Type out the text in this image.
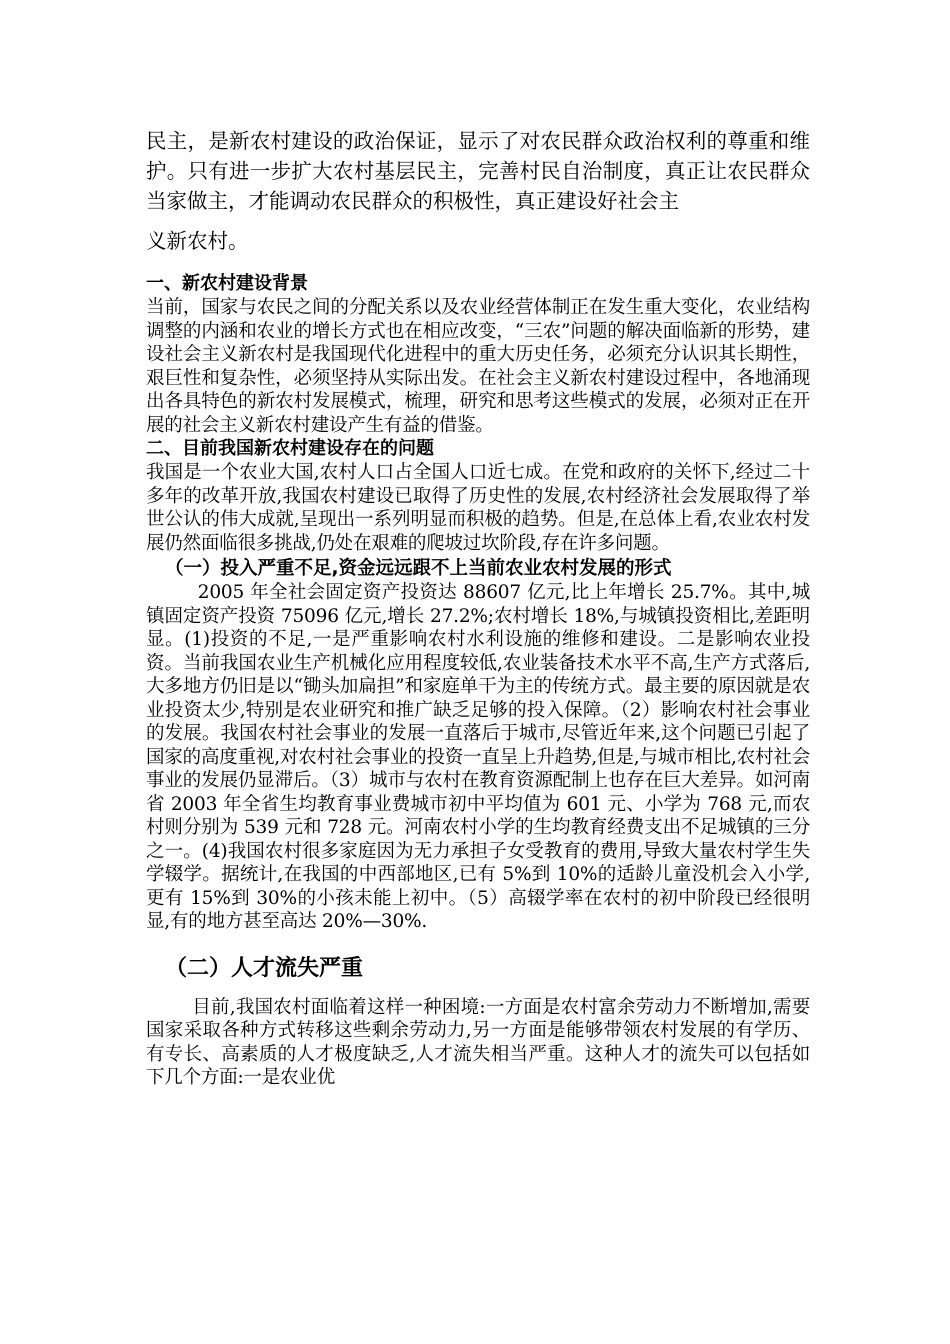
民主，是新农村建设的政治保证，显示了对农民群众政治权利的尊重和维护。只有进一步扩大农村基层民主，完善村民自治制度，真正让农民群众当家做主，才能调动农民群众的积极性，真正建设好社会主

义新农村。

一、新农村建设背景

当前，国家与农民之间的分配关系以及农业经营体制正在发生重大变化，农业结构调整的内涵和农业的增长方式也在相应改变，“三农”问题的解决面临新的形势，建设社会主义新农村是我国现代化进程中的重大历史任务，必须充分认识其长期性，艰巨性和复杂性，必须坚持从实际出发。在社会主义新农村建设过程中，各地涌现出各具特色的新农村发展模式，梳理，研究和思考这些模式的发展，必须对正在开展的社会主义新农村建设产生有益的借鉴。

二、目前我国新农村建设存在的问题

我国是一个农业大国,农村人口占全国人口近七成。在党和政府的关怀下,经过二十多年的改革开放,我国农村建设已取得了历史性的发展,农村经济社会发展取得了举世公认的伟大成就,呈现出一系列明显而积极的趋势。但是,在总体上看,农业农村发展仍然面临很多挑战,仍处在艰难的爬坡过坎阶段,存在许多问题。

（一）投入严重不足,资金远远跟不上当前农业农村发展的形式

2005 年全社会固定资产投资达 88607 亿元,比上年增长 25.7%。其中,城镇固定资产投资 75096 亿元,增长 27.2%;农村增长 18%,与城镇投资相比,差距明显。(1)投资的不足,一是严重影响农村水利设施的维修和建设。二是影响农业投资。当前我国农业生产机械化应用程度较低,农业装备技术水平不高,生产方式落后,大多地方仍旧是以“锄头加扁担”和家庭单干为主的传统方式。最主要的原因就是农业投资太少,特别是农业研究和推广缺乏足够的投入保障。（2）影响农村社会事业的发展。我国农村社会事业的发展一直落后于城市,尽管近年来,这个问题已引起了国家的高度重视,对农村社会事业的投资一直呈上升趋势,但是,与城市相比,农村社会事业的发展仍显滞后。（3）城市与农村在教育资源配制上也存在巨大差异。如河南省 2003 年全省生均教育事业费城市初中平均值为 601 元、小学为 768 元,而农村则分别为 539 元和 728 元。河南农村小学的生均教育经费支出不足城镇的三分之一。(4)我国农村很多家庭因为无力承担子女受教育的费用,导致大量农村学生失学辍学。据统计,在我国的中西部地区,已有 5%到 10%的适龄儿童没机会入小学,更有 15%到 30%的小孩未能上初中。（5）高辍学率在农村的初中阶段已经很明显,有的地方甚至高达 20%—30%.

（二）人才流失严重

目前,我国农村面临着这样一种困境:一方面是农村富余劳动力不断增加,需要国家采取各种方式转移这些剩余劳动力,另一方面是能够带领农村发展的有学历、有专长、高素质的人才极度缺乏,人才流失相当严重。这种人才的流失可以包括如下几个方面:一是农业优
